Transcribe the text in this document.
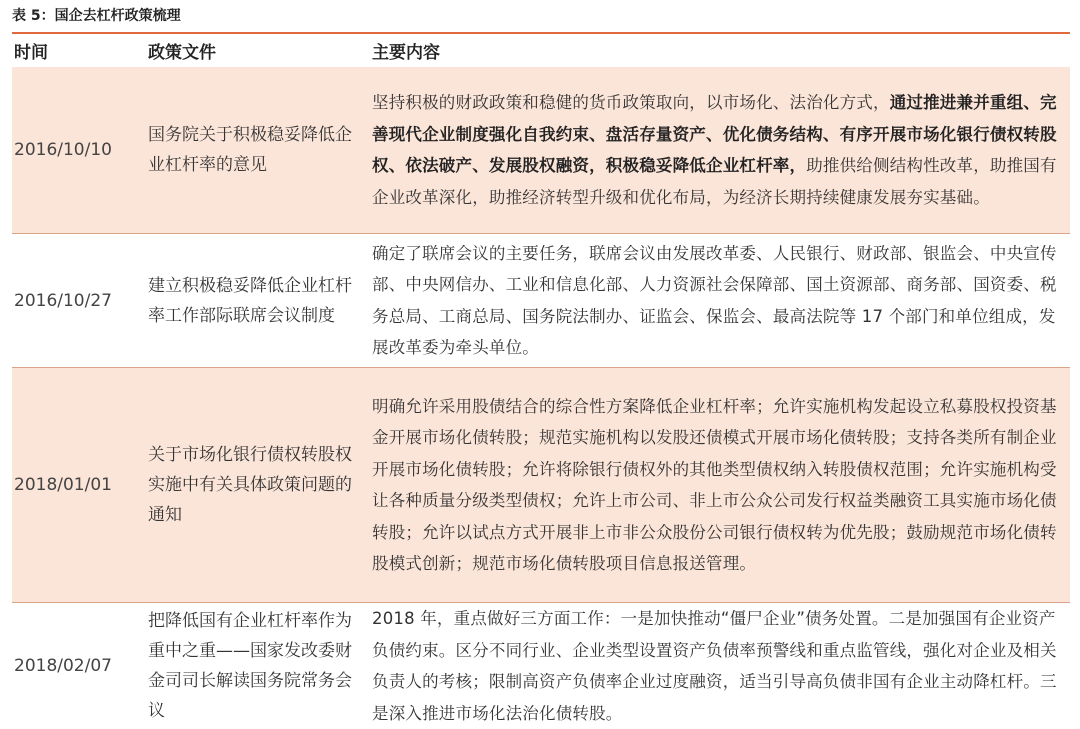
表 5：国企去杠杆政策梳理
时间	政策文件	主要内容
2016/10/10
国务院关于积极稳妥降低企业杠杆率的意见
坚持积极的财政政策和稳健的货币政策取向，以市场化、法治化方式，通过推进兼并重组、完善现代企业制度强化自我约束、盘活存量资产、优化债务结构、有序开展市场化银行债权转股权、依法破产、发展股权融资，积极稳妥降低企业杠杆率，助推供给侧结构性改革，助推国有企业改革深化，助推经济转型升级和优化布局，为经济长期持续健康发展夯实基础。
2016/10/27
建立积极稳妥降低企业杠杆率工作部际联席会议制度
确定了联席会议的主要任务，联席会议由发展改革委、人民银行、财政部、银监会、中央宣传部、中央网信办、工业和信息化部、人力资源社会保障部、国土资源部、商务部、国资委、税务总局、工商总局、国务院法制办、证监会、保监会、最高法院等 17 个部门和单位组成，发展改革委为牵头单位。
2018/01/01
关于市场化银行债权转股权实施中有关具体政策问题的通知
明确允许采用股债结合的综合性方案降低企业杠杆率；允许实施机构发起设立私募股权投资基金开展市场化债转股；规范实施机构以发股还债模式开展市场化债转股；支持各类所有制企业开展市场化债转股；允许将除银行债权外的其他类型债权纳入转股债权范围；允许实施机构受让各种质量分级类型债权；允许上市公司、非上市公众公司发行权益类融资工具实施市场化债转股；允许以试点方式开展非上市非公众股份公司银行债权转为优先股；鼓励规范市场化债转股模式创新；规范市场化债转股项目信息报送管理。
2018/02/07
把降低国有企业杠杆率作为重中之重——国家发改委财金司司长解读国务院常务会议
2018 年，重点做好三方面工作：一是加快推动“僵尸企业”债务处置。二是加强国有企业资产负债约束。区分不同行业、企业类型设置资产负债率预警线和重点监管线，强化对企业及相关负责人的考核；限制高资产负债率企业过度融资，适当引导高负债非国有企业主动降杠杆。三是深入推进市场化法治化债转股。
